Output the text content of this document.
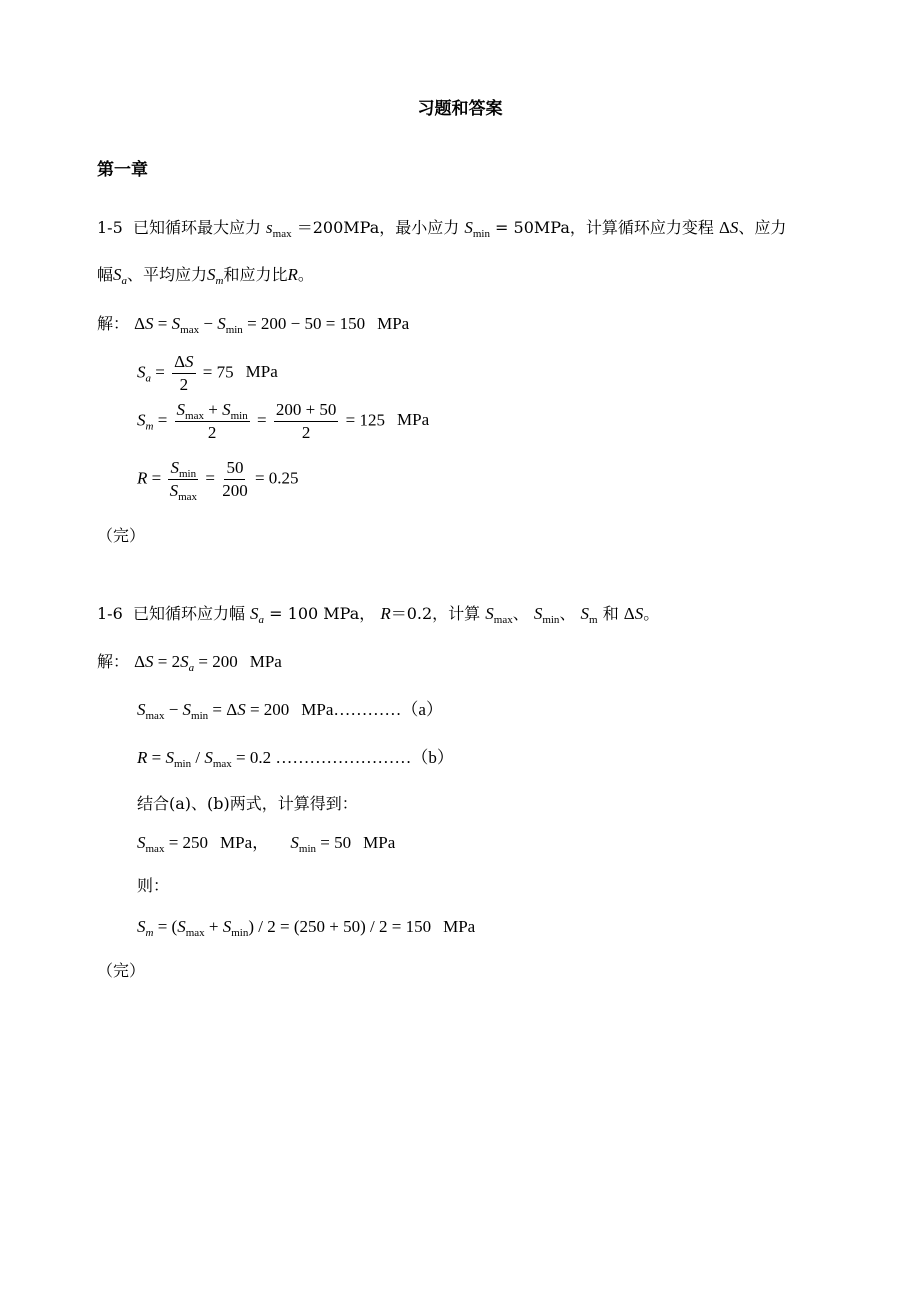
习题和答案
第一章
1-5 已知循环最大应力 $s_{max} =200MPa$，最小应力 $S_{min} = 50MPa$，计算循环应力变程 ΔS、应力
幅$S_a$、平均应力$S_m$和应力比R。
解： $\Delta S = S_{max} - S_{min} = 200 - 50 = 150$ MPa
$S_a = \frac{\Delta S}{2} = 75$ MPa
$S_m = \frac{S_{max} + S_{min}}{2} = \frac{200 + 50}{2} = 125$ MPa
$R = \frac{S_{min}}{S_{max}} = \frac{50}{200} = 0.25$
（完）
1-6 已知循环应力幅 $S_a = 100$ MPa， R＝0.2，计算 $S_{max}$、 $S_{min}$、 $S_m$ 和 ΔS。
解： $\Delta S = 2S_a = 200$ MPa
$S_{max} - S_{min} = \Delta S = 200$ MPa…………（a）
$R = S_{min} / S_{max} = 0.2$ ……………………（b）
结合(a)、(b)两式，计算得到：
$S_{max} = 250$ MPa， $S_{min} = 50$ MPa
则：
$S_m = (S_{max} + S_{min}) / 2 = (250 + 50) / 2 = 150$ MPa
（完）
